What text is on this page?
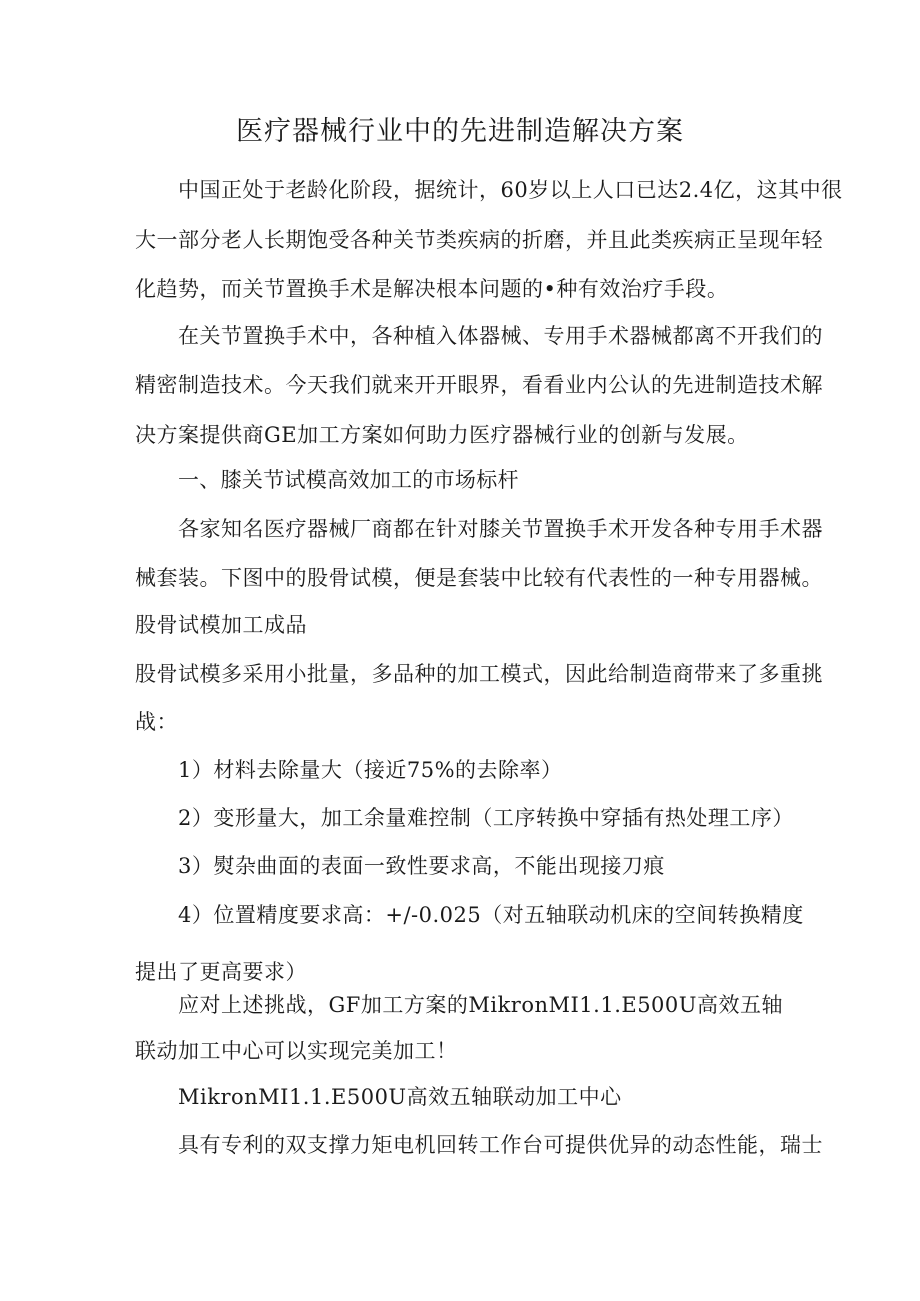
医疗器械行业中的先进制造解决方案
中国正处于老龄化阶段，据统计，60岁以上人口已达2.4亿，这其中很
大一部分老人长期饱受各种关节类疾病的折磨，并且此类疾病正呈现年轻
化趋势，而关节置换手术是解决根本问题的•种有效治疗手段。
在关节置换手术中，各种植入体器械、专用手术器械都离不开我们的
精密制造技术。今天我们就来开开眼界，看看业内公认的先进制造技术解
决方案提供商GE加工方案如何助力医疗器械行业的创新与发展。
一、膝关节试模高效加工的市场标杆
各家知名医疗器械厂商都在针对膝关节置换手术开发各种专用手术器
械套装。下图中的股骨试模，便是套装中比较有代表性的一种专用器械。
股骨试模加工成品
股骨试模多采用小批量，多品种的加工模式，因此给制造商带来了多重挑
战：
1）材料去除量大（接近75%的去除率）
2）变形量大，加工余量难控制（工序转换中穿插有热处理工序）
3）熨杂曲面的表面一致性要求高，不能出现接刀痕
4）位置精度要求高：+/-0.025（对五轴联动机床的空间转换精度
提出了更高要求）
应对上述挑战，GF加工方案的MikronMI1.1.E500U高效五轴
联动加工中心可以实现完美加工！
MikronMI1.1.E500U高效五轴联动加工中心
具有专利的双支撑力矩电机回转工作台可提供优异的动态性能，瑞士
